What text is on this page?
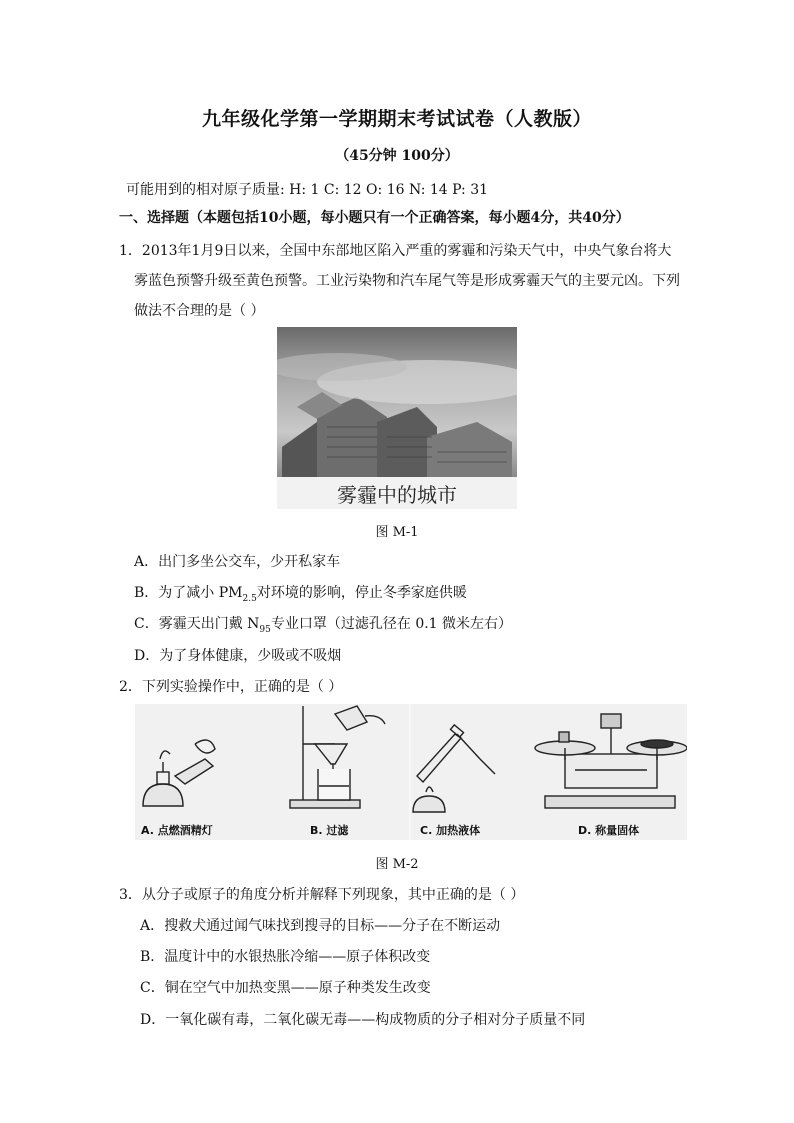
九年级化学第一学期期末考试试卷（人教版）
（45分钟 100分）
可能用到的相对原子质量: H: 1 C: 12 O: 16 N: 14 P: 31
一、选择题（本题包括10小题，每小题只有一个正确答案，每小题4分，共40分）
1．2013年1月9日以来，全国中东部地区陷入严重的雾霾和污染天气中，中央气象台将大
雾蓝色预警升级至黄色预警。工业污染物和汽车尾气等是形成雾霾天气的主要元凶。下列
做法不合理的是（ ）
雾霾中的城市
图 M-1
A．出门多坐公交车，少开私家车
B．为了减小 $PM_{2.5}$对环境的影响，停止冬季家庭供暖
C．雾霾天出门戴 $N_{95}$专业口罩（过滤孔径在 0.1 微米左右）
D．为了身体健康，少吸或不吸烟
2．下列实验操作中，正确的是（ ）
A. 点燃酒精灯	B. 过滤	C. 加热液体	D. 称量固体
图 M-2
3．从分子或原子的角度分析并解释下列现象，其中正确的是（ ）
A．搜救犬通过闻气味找到搜寻的目标——分子在不断运动
B．温度计中的水银热胀冷缩——原子体积改变
C．铜在空气中加热变黑——原子种类发生改变
D．一氧化碳有毒，二氧化碳无毒——构成物质的分子相对分子质量不同
